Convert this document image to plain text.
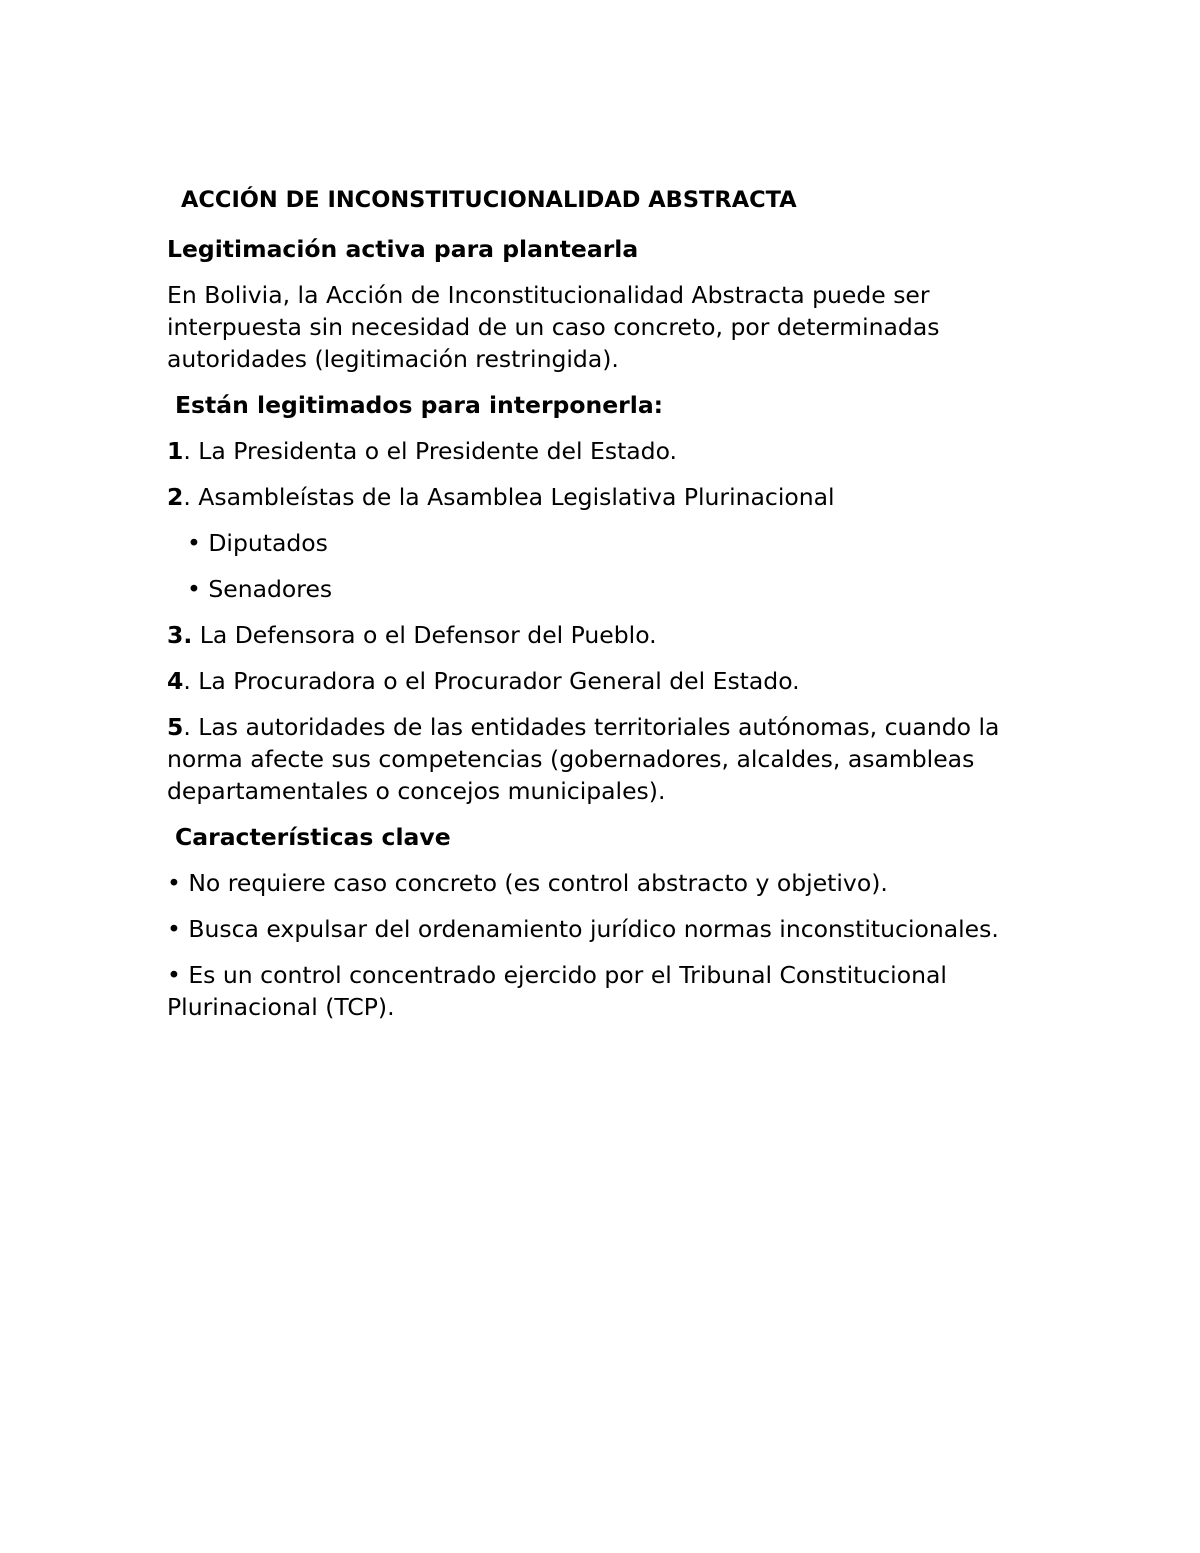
ACCIÓN DE INCONSTITUCIONALIDAD ABSTRACTA
Legitimación activa para plantearla
En Bolivia, la Acción de Inconstitucionalidad Abstracta puede ser interpuesta sin necesidad de un caso concreto, por determinadas autoridades (legitimación restringida).
Están legitimados para interponerla:
1. La Presidenta o el Presidente del Estado.
2. Asambleístas de la Asamblea Legislativa Plurinacional
• Diputados
• Senadores
3. La Defensora o el Defensor del Pueblo.
4. La Procuradora o el Procurador General del Estado.
5. Las autoridades de las entidades territoriales autónomas, cuando la norma afecte sus competencias (gobernadores, alcaldes, asambleas departamentales o concejos municipales).
Características clave
• No requiere caso concreto (es control abstracto y objetivo).
• Busca expulsar del ordenamiento jurídico normas inconstitucionales.
• Es un control concentrado ejercido por el Tribunal Constitucional Plurinacional (TCP).
